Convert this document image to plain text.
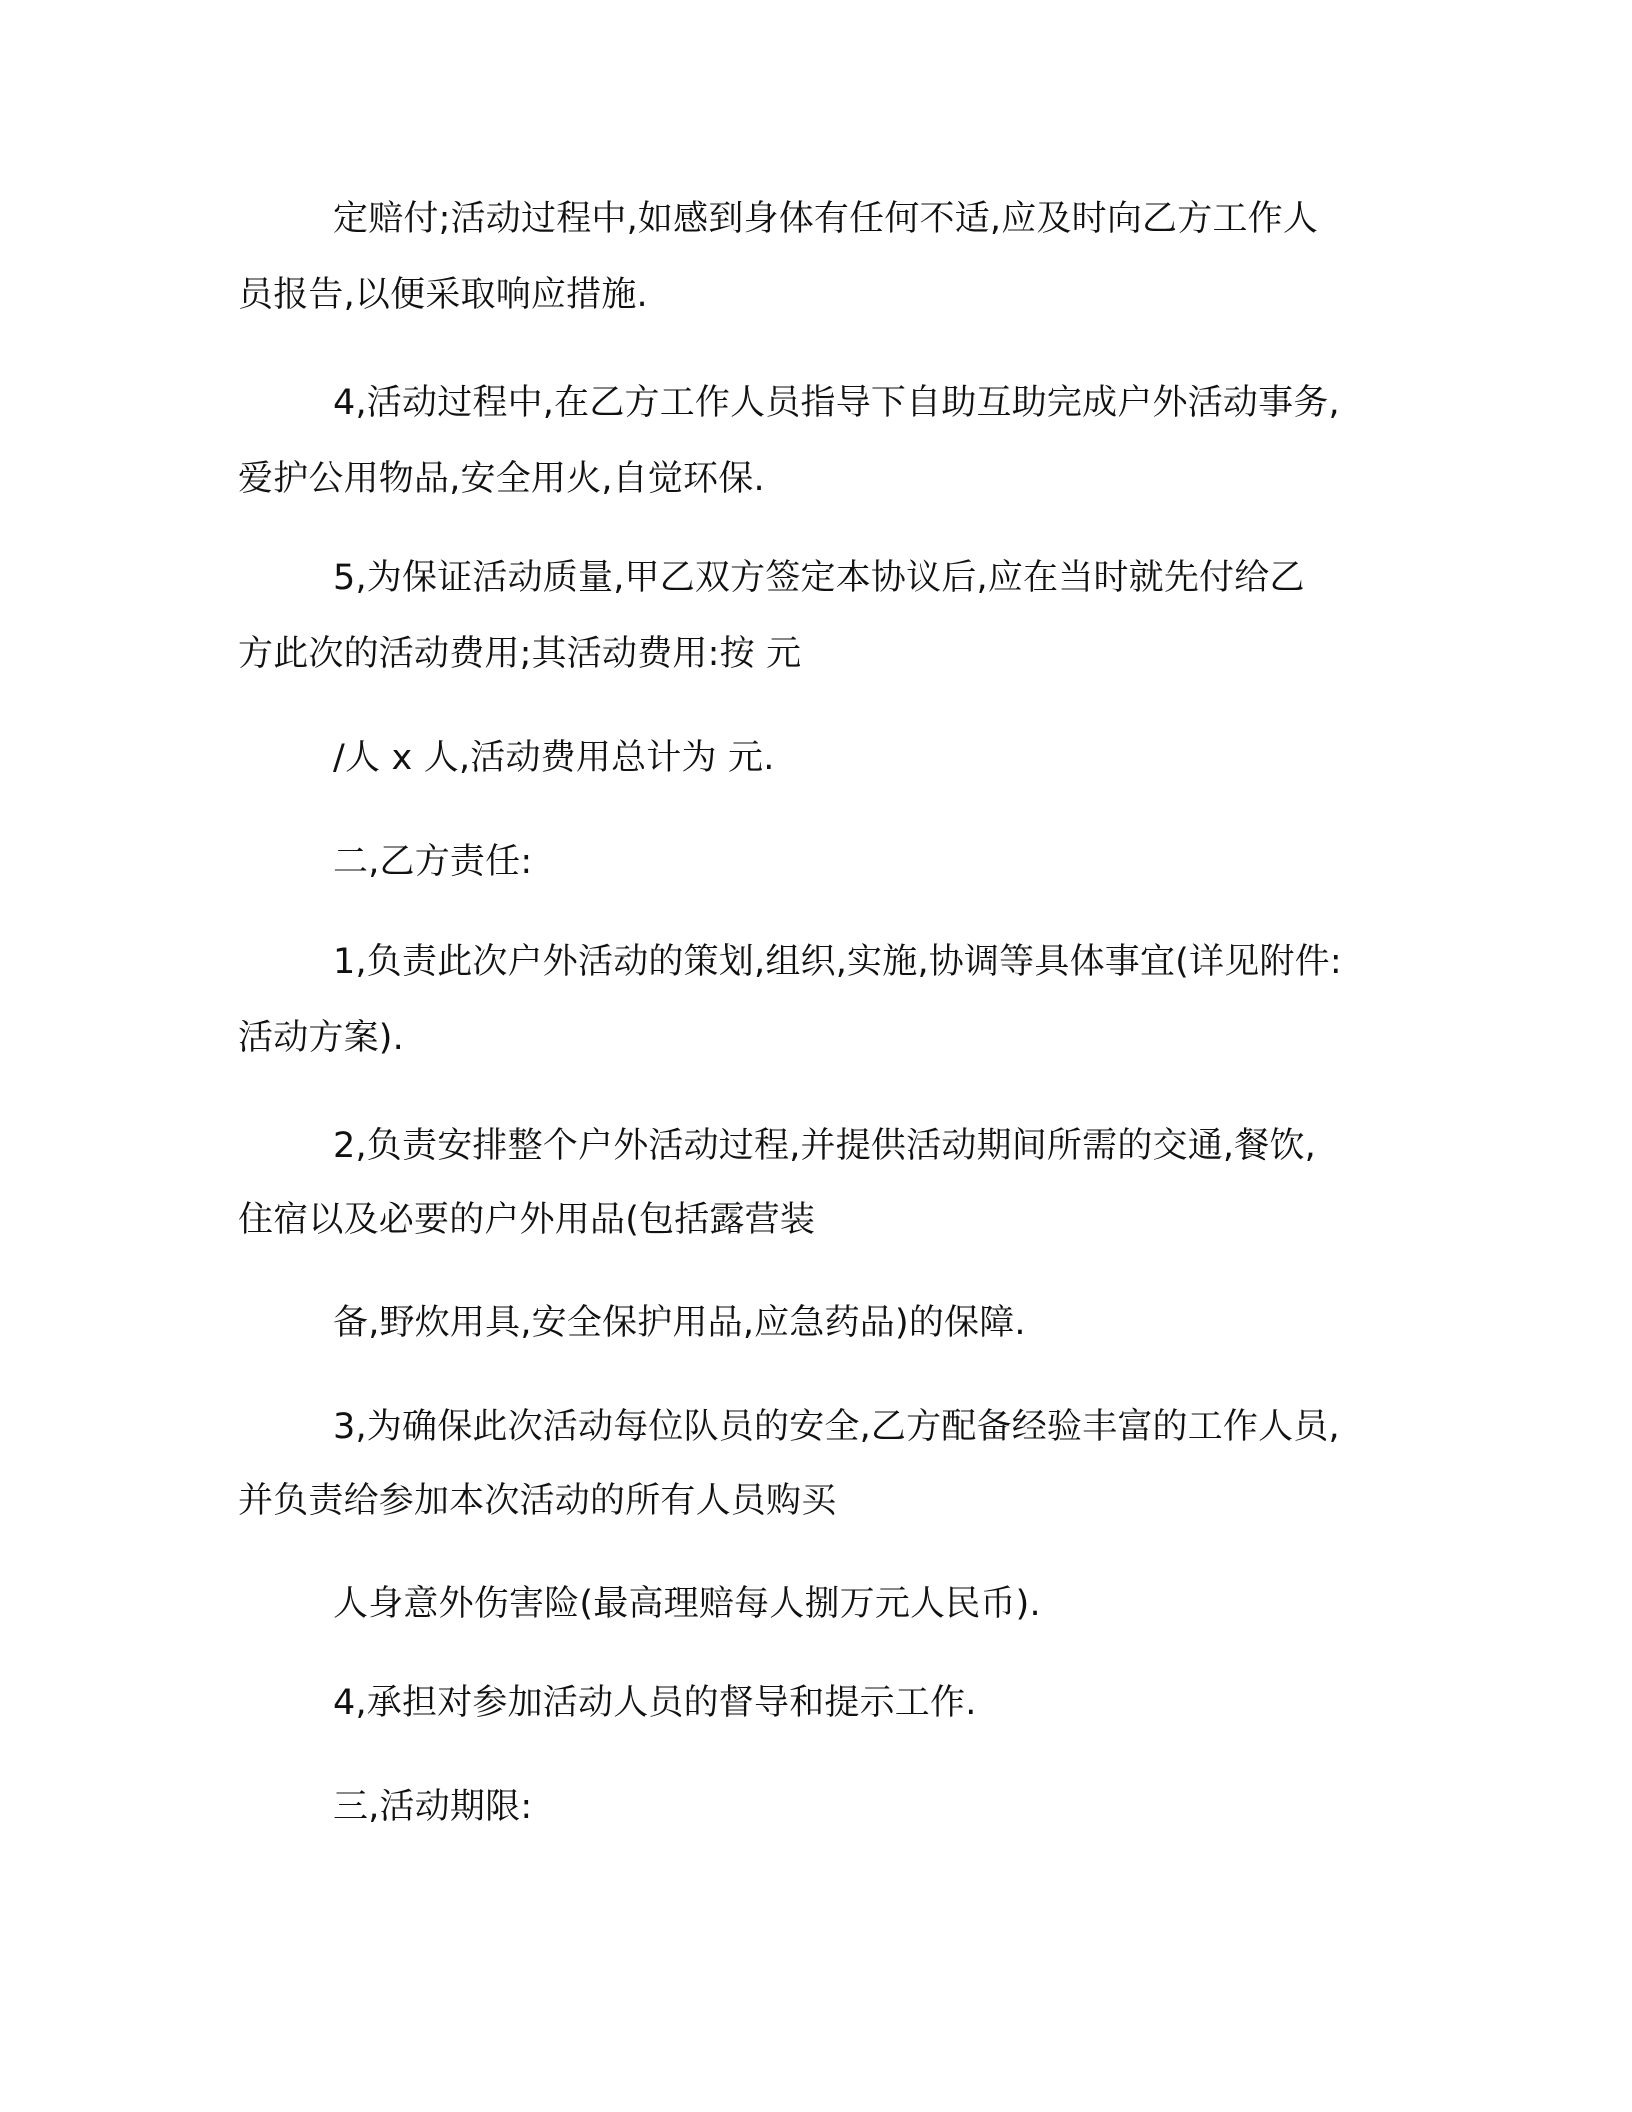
定赔付;活动过程中,如感到身体有任何不适,应及时向乙方工作人
员报告,以便采取响应措施.
4,活动过程中,在乙方工作人员指导下自助互助完成户外活动事务,
爱护公用物品,安全用火,自觉环保.
5,为保证活动质量,甲乙双方签定本协议后,应在当时就先付给乙
方此次的活动费用;其活动费用:按 元
/人 x 人,活动费用总计为 元.
二,乙方责任:
1,负责此次户外活动的策划,组织,实施,协调等具体事宜(详见附件:
活动方案).
2,负责安排整个户外活动过程,并提供活动期间所需的交通,餐饮,
住宿以及必要的户外用品(包括露营装
备,野炊用具,安全保护用品,应急药品)的保障.
3,为确保此次活动每位队员的安全,乙方配备经验丰富的工作人员,
并负责给参加本次活动的所有人员购买
人身意外伤害险(最高理赔每人捌万元人民币).
4,承担对参加活动人员的督导和提示工作.
三,活动期限:
